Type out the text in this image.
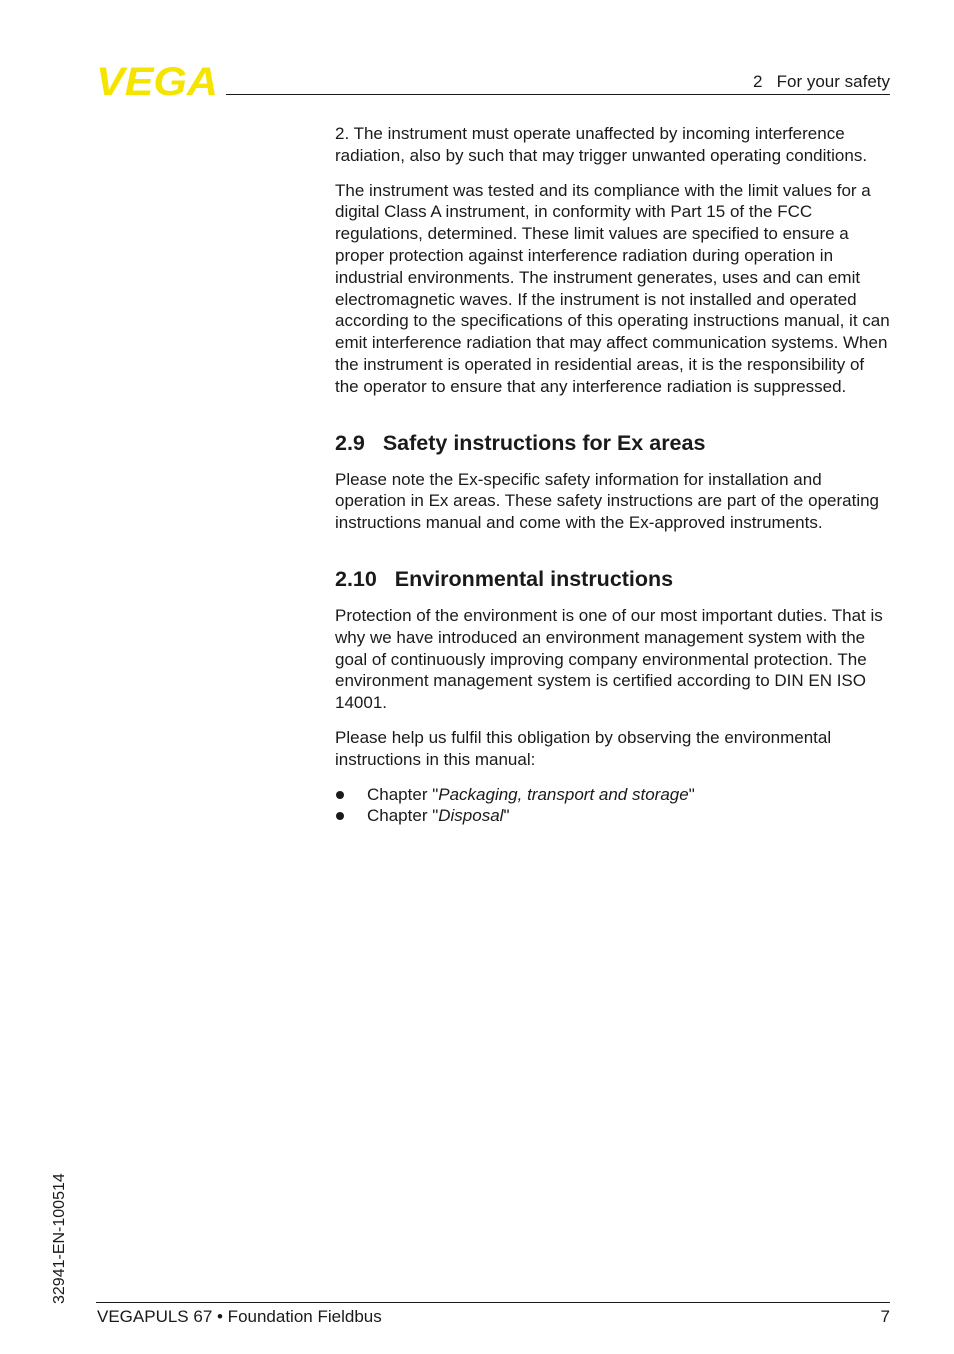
VEGA	2   For your safety

2. The instrument must operate unaffected by incoming interference radiation, also by such that may trigger unwanted operating conditions.

The instrument was tested and its compliance with the limit values for a digital Class A instrument, in conformity with Part 15 of the FCC regulations, determined. These limit values are specified to ensure a proper protection against interference radiation during operation in industrial environments. The instrument generates, uses and can emit electromagnetic waves. If the instrument is not installed and operated according to the specifications of this operating instructions manual, it can emit interference radiation that may affect communication systems. When the instrument is operated in residential areas, it is the responsibility of the operator to ensure that any interference radiation is suppressed.

2.9 Safety instructions for Ex areas

Please note the Ex-specific safety information for installation and operation in Ex areas. These safety instructions are part of the operating instructions manual and come with the Ex-approved instruments.

2.10 Environmental instructions

Protection of the environment is one of our most important duties. That is why we have introduced an environment management system with the goal of continuously improving company environmental protection. The environment management system is certified according to DIN EN ISO 14001.

Please help us fulfil this obligation by observing the environmental instructions in this manual:

Chapter "Packaging, transport and storage"
Chapter "Disposal"
32941-EN-100514
VEGAPULS 67 • Foundation Fieldbus	7
